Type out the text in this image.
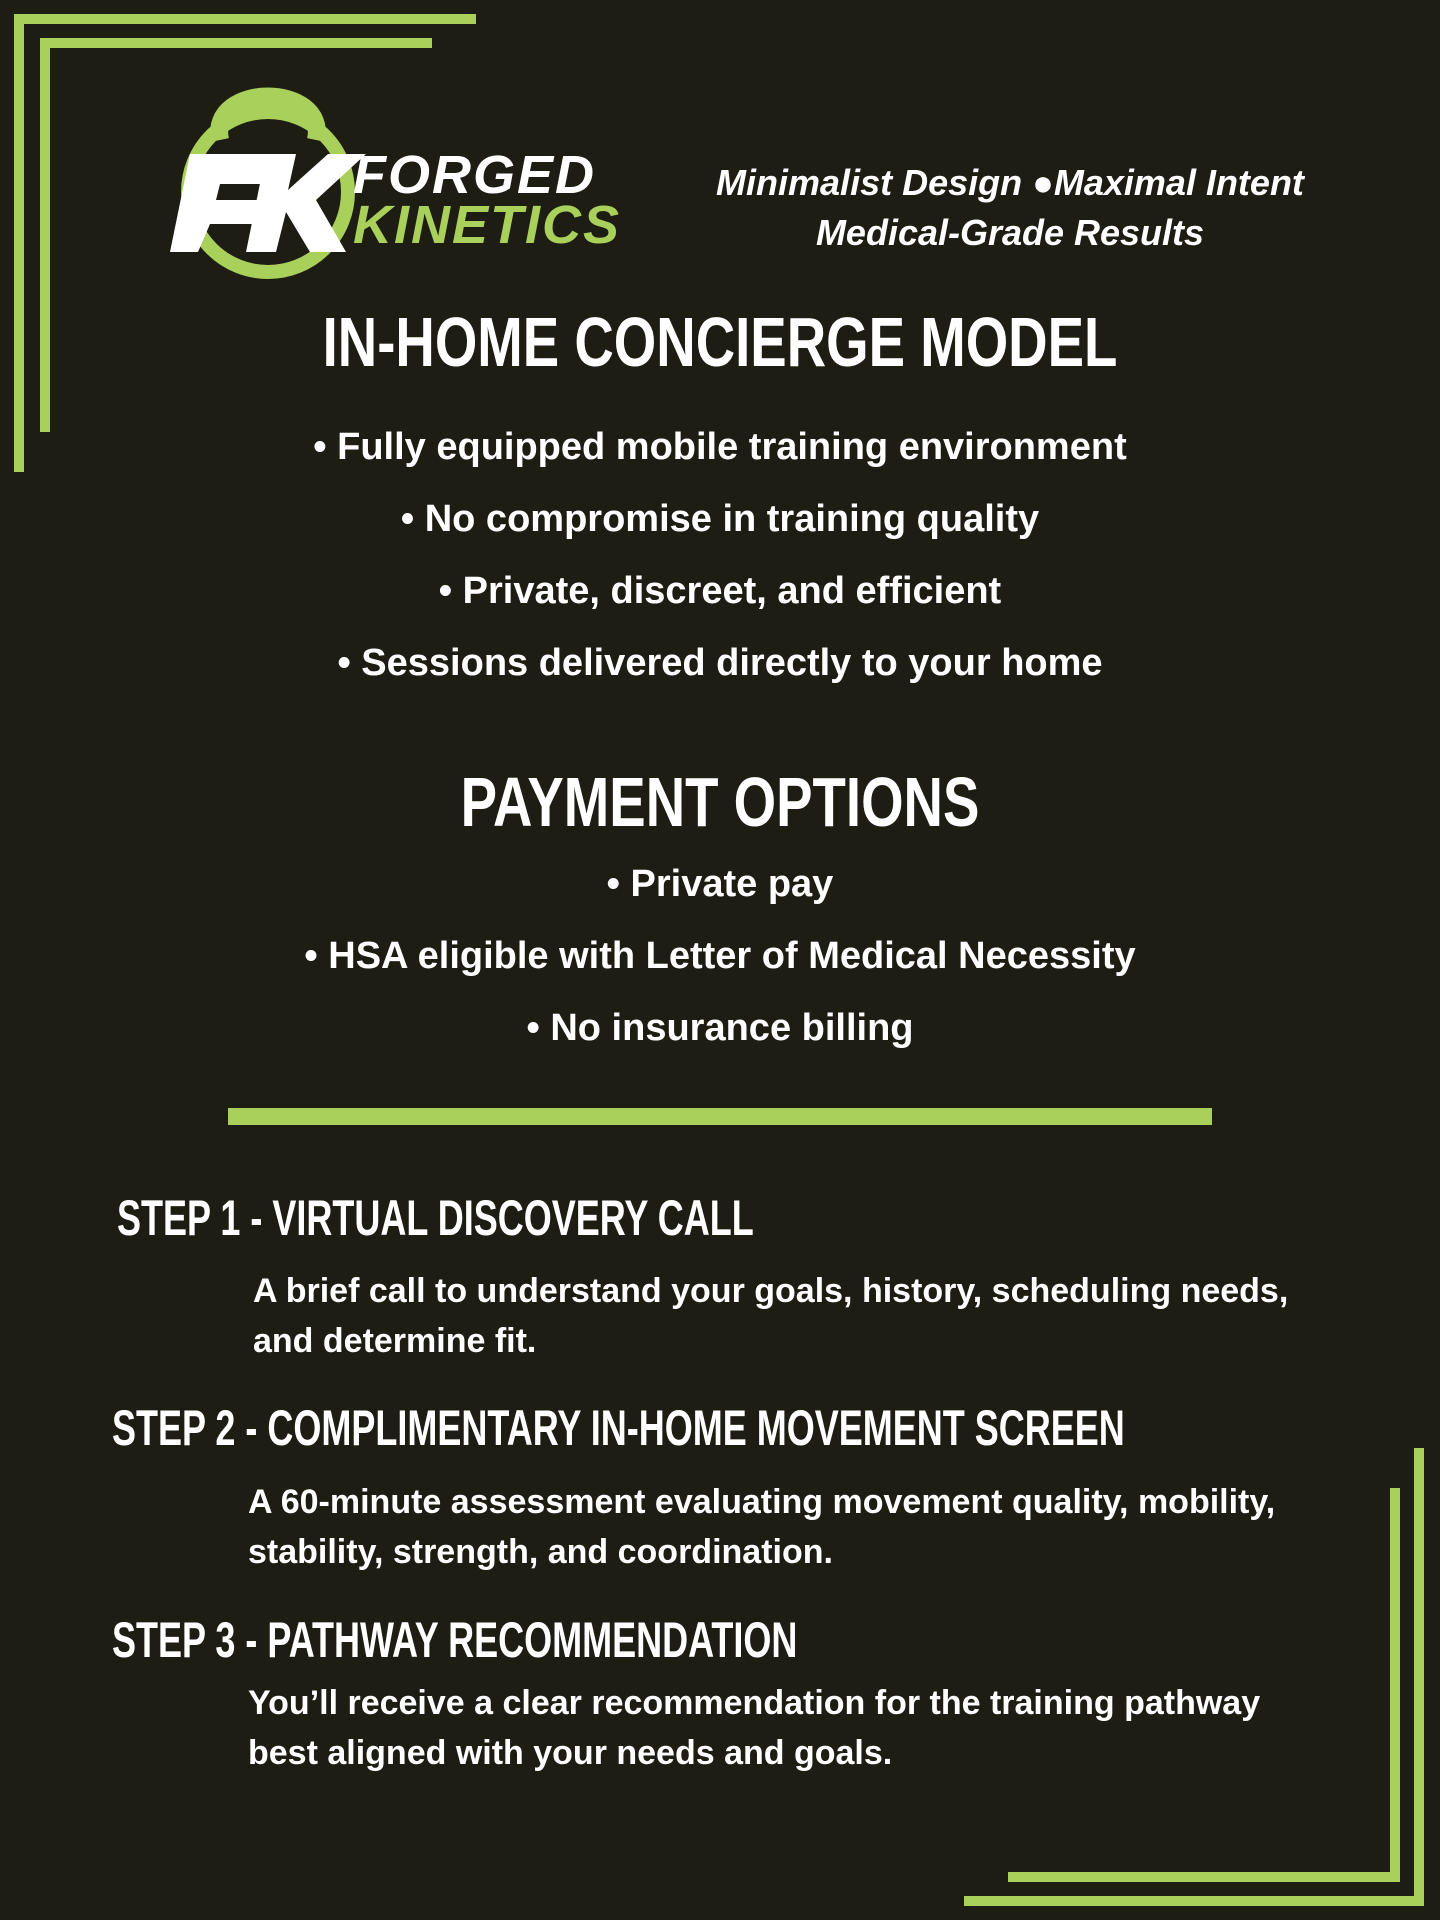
FORGED
KINETICS
Minimalist Design ●Maximal Intent
Medical-Grade Results
IN-HOME CONCIERGE MODEL
• Fully equipped mobile training environment
• No compromise in training quality
• Private, discreet, and efficient
• Sessions delivered directly to your home
PAYMENT OPTIONS
• Private pay
• HSA eligible with Letter of Medical Necessity
• No insurance billing
STEP 1 - VIRTUAL DISCOVERY CALL
A brief call to understand your goals, history, scheduling needs,
and determine fit.
STEP 2 - COMPLIMENTARY IN-HOME MOVEMENT SCREEN
A 60-minute assessment evaluating movement quality, mobility,
stability, strength, and coordination.
STEP 3 - PATHWAY RECOMMENDATION
You’ll receive a clear recommendation for the training pathway
best aligned with your needs and goals.
